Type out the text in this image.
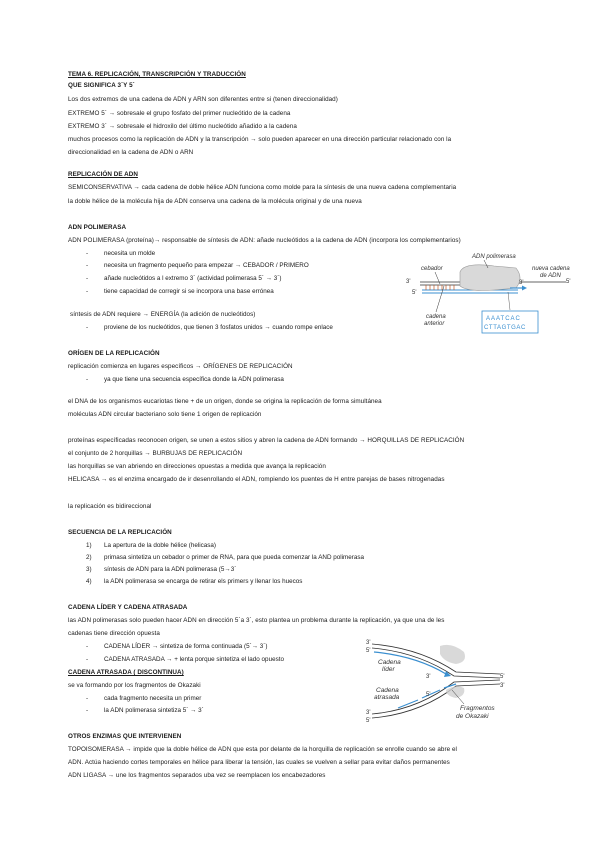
TEMA 6. REPLICACIÓN, TRANSCRIPCIÓN Y TRADUCCIÓN
QUE SIGNIFICA 3´Y 5´
Los dos extremos de una cadena de ADN y ARN son diferentes entre si (tenen direccionalidad)
EXTREMO 5´ → sobresale el grupo fosfato del primer nucleótido de la cadena
EXTREMO 3´ → sobresale el hidroxilo del último nucleótido añadido a la cadena
muchos procesos como la replicación de ADN y la transcripción → solo pueden aparecer en una dirección particular relacionado con la
direccionalidad en la cadena de ADN o ARN
REPLICACIÓN DE ADN
SEMICONSERVATIVA → cada cadena de doble hélice ADN funciona como molde para la síntesis de una nueva cadena complementaria
la doble hélice de la molécula hija de ADN conserva una cadena de la molécula original y de una nueva
ADN POLIMERASA
ADN POLIMERASA (proteína)→ responsable de síntesis de ADN: añade nucleótidos a la cadena de ADN (incorpora los complementarios)
-	necesita un molde
-	necesita un fragmento pequeño para empezar → CEBADOR / PRIMERO
-	añade nucleótidos a l extremo 3´ (actividad polimerasa 5´ → 3´)
-	tiene capacidad de corregir si se incorpora una base errónea
síntesis de ADN requiere → ENERGÍA (la adición de nucleótidos)
-	proviene de los nucleótidos, que tienen 3 fosfatos unidos → cuando rompe enlace
cebador
ADN polimerasa
nueva cadena
de ADN
3'
5'
3'	5'
cadena
anterior
AAATCAC
CTTAGTGAC
ORÍGEN DE LA REPLICACIÓN
replicación comienza en lugares específicos → ORÍGENES DE REPLICACIÓN
-	ya que tiene una secuencia específica donde la ADN polimerasa
el DNA de los organismos eucariotas tiene + de un origen, donde se origina la replicación de forma simultánea
moléculas ADN circular bacteriano solo tiene 1 origen de replicación
proteínas específicadas reconocen origen, se unen a estos sitios y abren la cadena de ADN formando → HORQUILLAS DE REPLICACIÓN
el conjunto de 2 horquillas → BURBUJAS DE REPLICACIÓN
las horquillas se van abriendo en direcciones opuestas a medida que avança la replicación
HELICASA → es el enzima encargado de ir desenrollando el ADN, rompiendo los puentes de H entre parejas de bases nitrogenadas
la replicación es bidireccional
SECUENCIA DE LA REPLICACIÓN
1) La apertura de la doble hélice (helicasa)
2) primasa sintetiza un cebador o primer de RNA, para que pueda comenzar la AND polimerasa
3) síntesis de ADN para la ADN polimerasa (5→3´
4) la ADN polimerasa se encarga de retirar els primers y llenar los huecos
CADENA LÍDER Y CADENA ATRASADA
las ADN polimerasas solo pueden hacer ADN en dirección 5´a 3´, esto plantea un problema durante la replicación, ya que una de les
cadenas tiene dirección opuesta
-	CADENA LÍDER → sintetiza de forma continuada (5´→ 3´)
-	CADENA ATRASADA → + lenta porque sintetiza el lado opuesto
CADENA ATRASADA ( DISCONTINUA)
se va formando por los fragmentos de Okazaki
-	cada fragmento necesita un primer
-	la ADN polimerasa sintetiza 5´ → 3´
3'
5'
3'
5'
5'
3'
3'
5'
Cadena
líder
Cadena
atrasada
Fragmentos
de Okazaki
OTROS ENZIMAS QUE INTERVIENEN
TOPOISOMERASA → impide que la doble hélice de ADN que esta por delante de la horquilla de replicación se enrolle cuando se abre el
ADN. Actúa haciendo cortes temporales en hélice para liberar la tensión, las cuales se vuelven a sellar para evitar daños permanentes
ADN LIGASA → une los fragmentos separados uba vez se reemplacen los encabezadores
